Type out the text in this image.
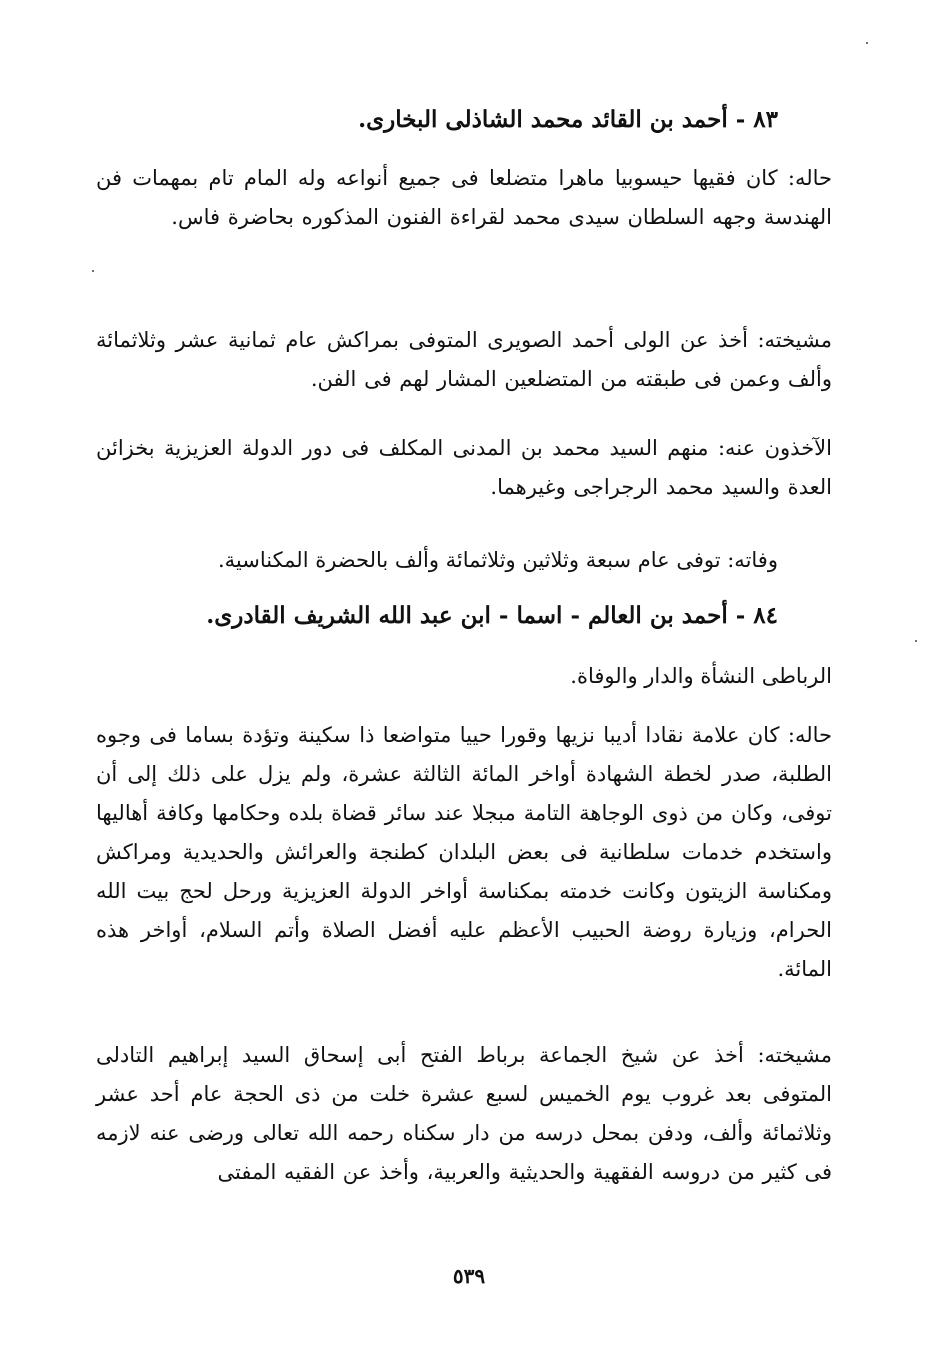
٨٣ - أحمد بن القائد محمد الشاذلى البخارى.
حاله: كان فقيها حيسوبيا ماهرا متضلعا فى جميع أنواعه وله المام تام بمهمات فن الهندسة وجهه السلطان سيدى محمد لقراءة الفنون المذكوره بحاضرة فاس.
مشيخته: أخذ عن الولى أحمد الصويرى المتوفى بمراكش عام ثمانية عشر وثلاثمائة وألف وعمن فى طبقته من المتضلعين المشار لهم فى الفن.
الآخذون عنه: منهم السيد محمد بن المدنى المكلف فى دور الدولة العزيزية بخزائن العدة والسيد محمد الرجراجى وغيرهما.
وفاته: توفى عام سبعة وثلاثين وثلاثمائة وألف بالحضرة المكناسية.
٨٤ - أحمد بن العالم - اسما - ابن عبد الله الشريف القادرى.
الرباطى النشأة والدار والوفاة.
حاله: كان علامة نقادا أديبا نزيها وقورا حييا متواضعا ذا سكينة وتؤدة بساما فى وجوه الطلبة، صدر لخطة الشهادة أواخر المائة الثالثة عشرة، ولم يزل على ذلك إلى أن توفى، وكان من ذوى الوجاهة التامة مبجلا عند سائر قضاة بلده وحكامها وكافة أهاليها واستخدم خدمات سلطانية فى بعض البلدان كطنجة والعرائش والحديدية ومراكش ومكناسة الزيتون وكانت خدمته بمكناسة أواخر الدولة العزيزية ورحل لحج بيت الله الحرام، وزيارة روضة الحبيب الأعظم عليه أفضل الصلاة وأتم السلام، أواخر هذه المائة.
مشيخته: أخذ عن شيخ الجماعة برباط الفتح أبى إسحاق السيد إبراهيم التادلى المتوفى بعد غروب يوم الخميس لسبع عشرة خلت من ذى الحجة عام أحد عشر وثلاثمائة وألف، ودفن بمحل درسه من دار سكناه رحمه الله تعالى ورضى عنه لازمه فى كثير من دروسه الفقهية والحديثية والعربية، وأخذ عن الفقيه المفتى
٥٣٩
